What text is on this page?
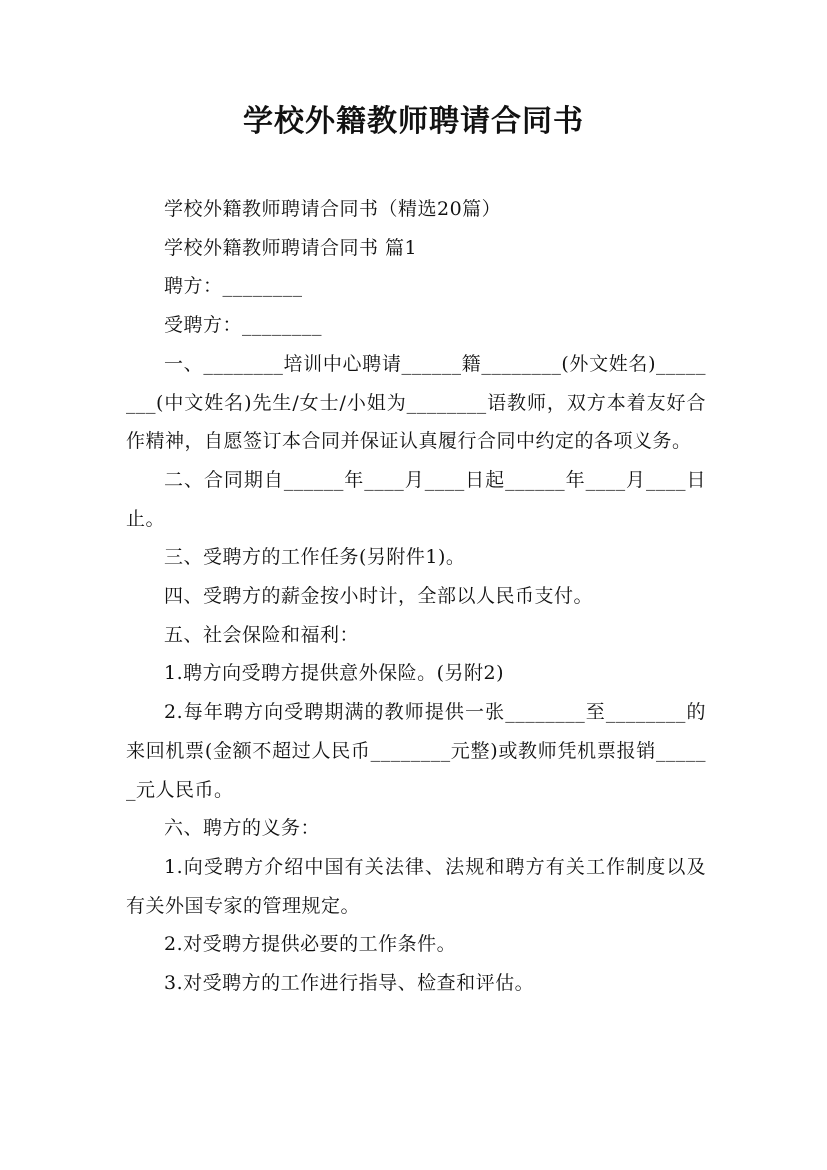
学校外籍教师聘请合同书

学校外籍教师聘请合同书（精选20篇）

学校外籍教师聘请合同书 篇1

聘方：________

受聘方：________

一、________培训中心聘请______籍________(外文姓名)________(中文姓名)先生/女士/小姐为________语教师，双方本着友好合作精神，自愿签订本合同并保证认真履行合同中约定的各项义务。

二、合同期自______年____月____日起______年____月____日止。

三、受聘方的工作任务(另附件1)。

四、受聘方的薪金按小时计，全部以人民币支付。

五、社会保险和福利：

1.聘方向受聘方提供意外保险。(另附2)

2.每年聘方向受聘期满的教师提供一张________至________的来回机票(金额不超过人民币________元整)或教师凭机票报销______元人民币。

六、聘方的义务：

1.向受聘方介绍中国有关法律、法规和聘方有关工作制度以及有关外国专家的管理规定。

2.对受聘方提供必要的工作条件。

3.对受聘方的工作进行指导、检查和评估。
